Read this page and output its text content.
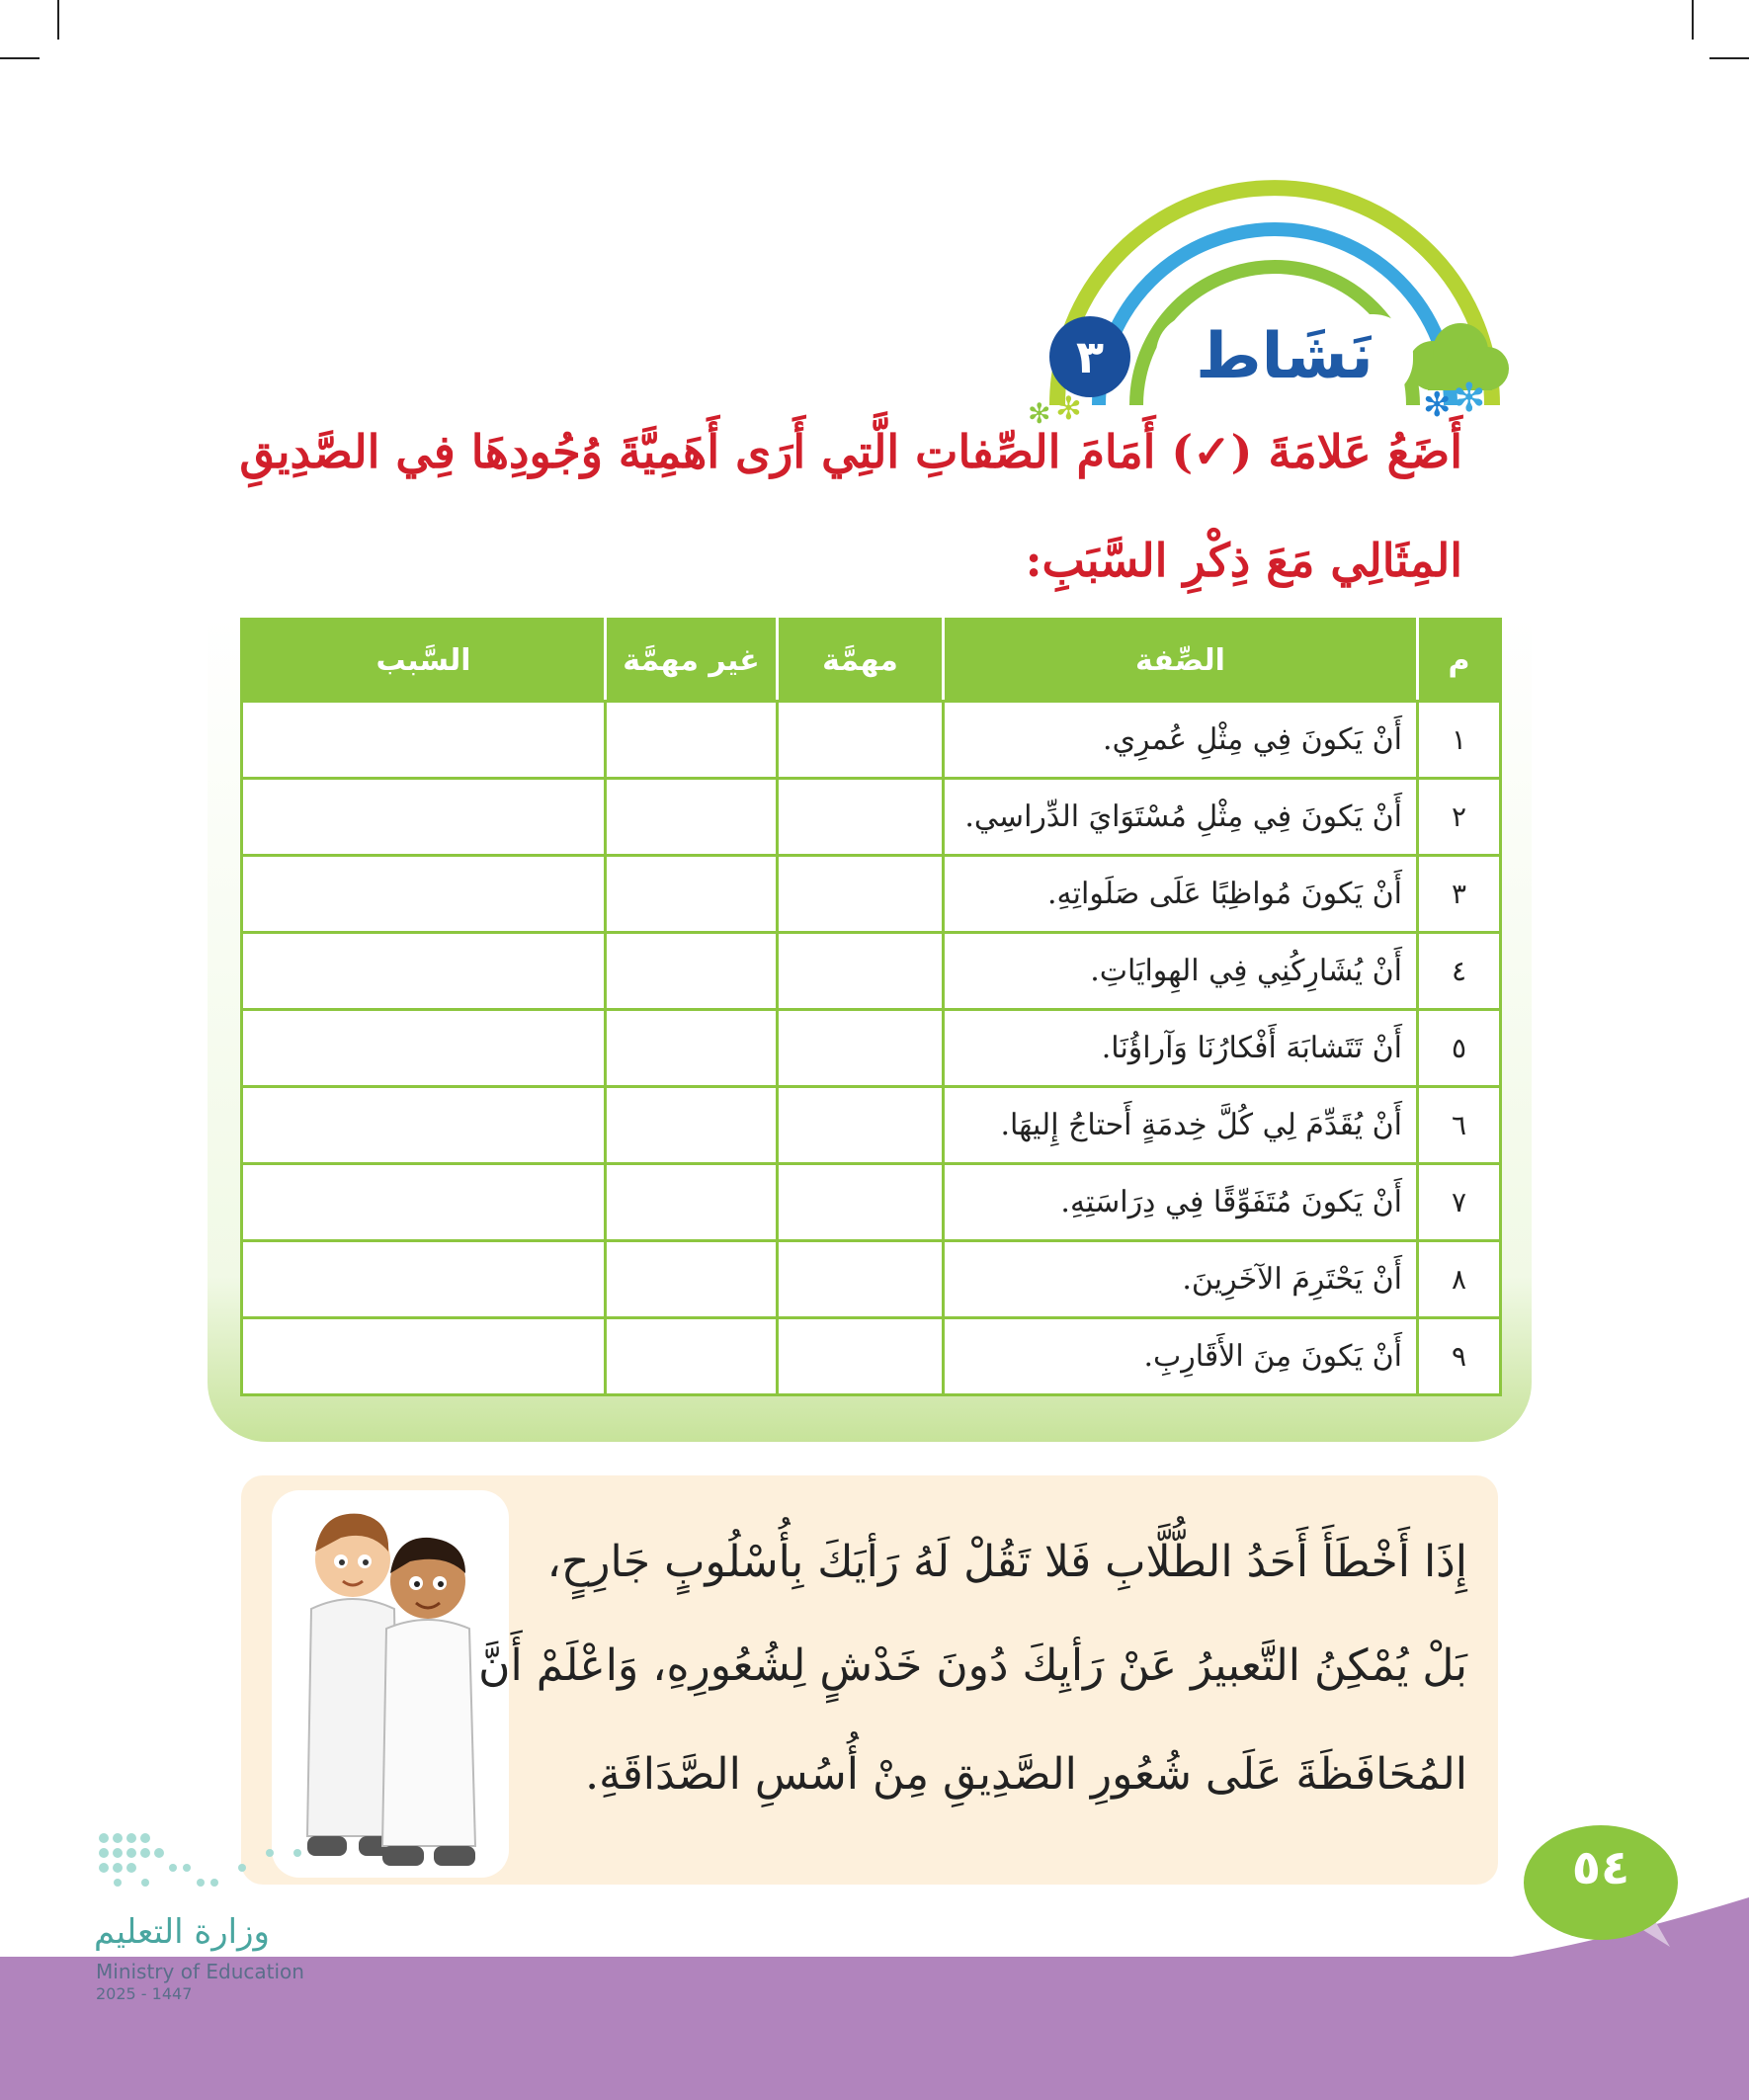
✻ ✻
✻ ✻
نَشَاط
٣
أَضَعُ عَلامَةَ (✓) أَمَامَ الصِّفاتِ الَّتِي أَرَى أَهَمِيَّةَ وُجُودِهَا فِي الصَّدِيقِ
المِثَالِي مَعَ ذِكْرِ السَّبَبِ:
م	الصِّفة	مهمَّة	غير مهمَّة	السَّبب
١	أَنْ يَكونَ فِي مِثْلِ عُمرِي.			
٢	أَنْ يَكونَ فِي مِثْلِ مُسْتَوَايَ الدِّراسِي.			
٣	أَنْ يَكونَ مُواظِبًا عَلَى صَلَواتِهِ.			
٤	أَنْ يُشَارِكُنِي فِي الهِوايَاتِ.			
٥	أَنْ تَتَشابَهَ أَفْكارُنَا وَآراؤُنَا.			
٦	أَنْ يُقَدِّمَ لِي كُلَّ خِدمَةٍ أَحتاجُ إِليهَا.			
٧	أَنْ يَكونَ مُتَفَوِّقًا فِي دِرَاسَتِهِ.			
٨	أَنْ يَحْتَرِمَ الآخَرِينَ.			
٩	أَنْ يَكونَ مِنَ الأَقَارِبِ.			
إِذَا أَخْطَأَ أَحَدُ الطُّلَّابِ فَلا تَقُلْ لَهُ رَأيَكَ بِأُسْلُوبٍ جَارِحٍ،
بَلْ يُمْكِنُ التَّعبيرُ عَنْ رَأيِكَ دُونَ خَدْشٍ لِشُعُورِهِ، وَاعْلَمْ أَنَّ
المُحَافَظَةَ عَلَى شُعُورِ الصَّدِيقِ مِنْ أُسُسِ الصَّدَاقَةِ.
٥٤
وزارة التعليم
Ministry of Education
2025 - 1447
